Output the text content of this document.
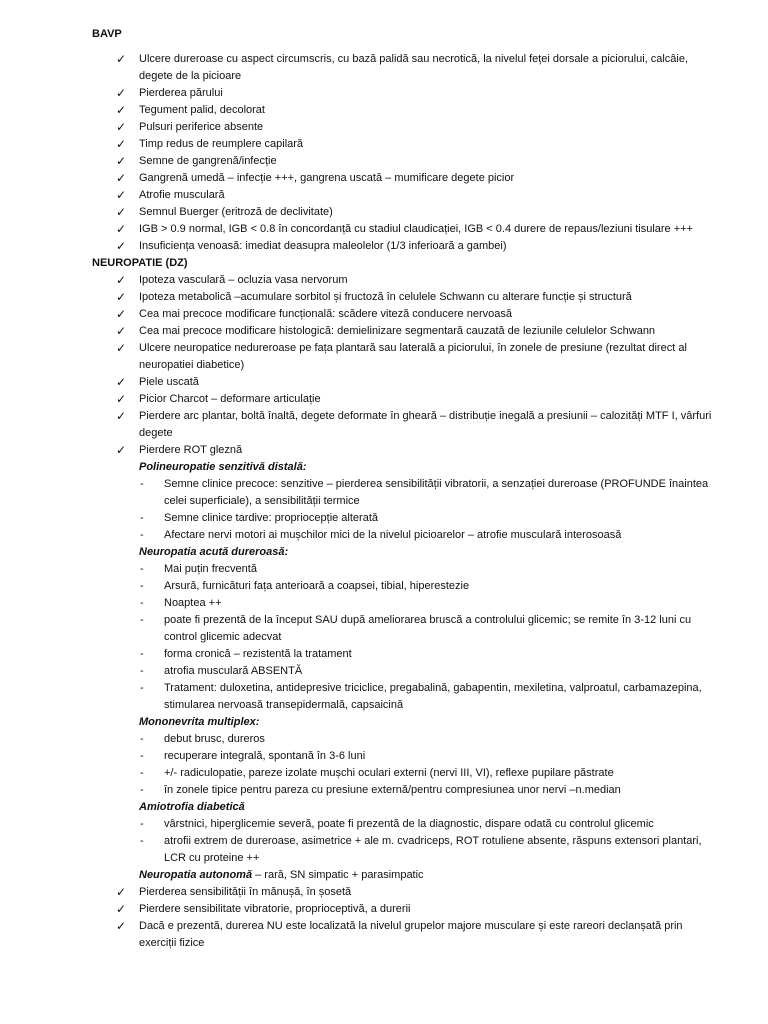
BAVP
✓ Ulcere dureroase cu aspect circumscris, cu bază palidă sau necrotică, la nivelul feței dorsale a piciorului, calcâie, degete de la picioare
✓ Pierderea părului
✓ Tegument palid, decolorat
✓ Pulsuri periferice absente
✓ Timp redus de reumplere capilară
✓ Semne de gangrenă/infecție
✓ Gangrenă umedă – infecție +++, gangrena uscată – mumificare degete picior
✓ Atrofie musculară
✓ Semnul Buerger (eritroză de declivitate)
✓ IGB > 0.9 normal, IGB < 0.8 în concordanță cu stadiul claudicației, IGB < 0.4 durere de repaus/leziuni tisulare +++
✓ Insuficiența venoasă: imediat deasupra maleolelor (1/3 inferioară a gambei)
NEUROPATIE (DZ)
✓ Ipoteza vasculară – ocluzia vasa nervorum
✓ Ipoteza metabolică –acumulare sorbitol și fructoză în celulele Schwann cu alterare funcție și structură
✓ Cea mai precoce modificare funcțională: scădere viteză conducere nervoasă
✓ Cea mai precoce modificare histologică: demielinizare segmentară cauzată de leziunile celulelor Schwann
✓ Ulcere neuropatice nedureroase pe fața plantară sau laterală a piciorului, în zonele de presiune (rezultat direct al neuropatiei diabetice)
✓ Piele uscată
✓ Picior Charcot – deformare articulație
✓ Pierdere arc plantar, boltă înaltă, degete deformate în gheară – distribuție inegală a presiunii – calozități MTF I, vârfuri degete
✓ Pierdere ROT gleznă
Polineuropatie senzitivă distală:
- Semne clinice precoce: senzitive – pierderea sensibilității vibratorii, a senzației dureroase (PROFUNDE înaintea celei superficiale), a sensibilității termice
- Semne clinice tardive: propriocepție alterată
- Afectare nervi motori ai mușchilor mici de la nivelul picioarelor – atrofie musculară interosoasă
Neuropatia acută dureroasă:
- Mai puțin frecventă
- Arsură, furnicături fața anterioară a coapsei, tibial, hiperestezie
- Noaptea ++
- poate fi prezentă de la început SAU după ameliorarea bruscă a controlului glicemic; se remite în 3-12 luni cu control glicemic adecvat
- forma cronică – rezistentă la tratament
- atrofia musculară ABSENTĂ
- Tratament: duloxetina, antidepresive triciclice, pregabalină, gabapentin, mexiletina, valproatul, carbamazepina, stimularea nervoasă transepidermală, capsaicină
Mononevrita multiplex:
- debut brusc, dureros
- recuperare integrală, spontană în 3-6 luni
- +/- radiculopatie, pareze izolate mușchi oculari externi (nervi III, VI), reflexe pupilare păstrate
- în zonele tipice pentru pareza cu presiune externă/pentru compresiunea unor nervi –n.median
Amiotrofia diabetică
- vârstnici, hiperglicemie severă, poate fi prezentă de la diagnostic, dispare odată cu controlul glicemic
- atrofii extrem de dureroase, asimetrice + ale m. cvadriceps, ROT rotuliene absente, răspuns extensori plantari, LCR cu proteine ++
Neuropatia autonomă – rară, SN simpatic + parasimpatic
✓ Pierderea sensibilității în mănușă, în șosetă
✓ Pierdere sensibilitate vibratorie, proprioceptivă, a durerii
✓ Dacă e prezentă, durerea NU este localizată la nivelul grupelor majore musculare și este rareori declanșată prin exerciții fizice
